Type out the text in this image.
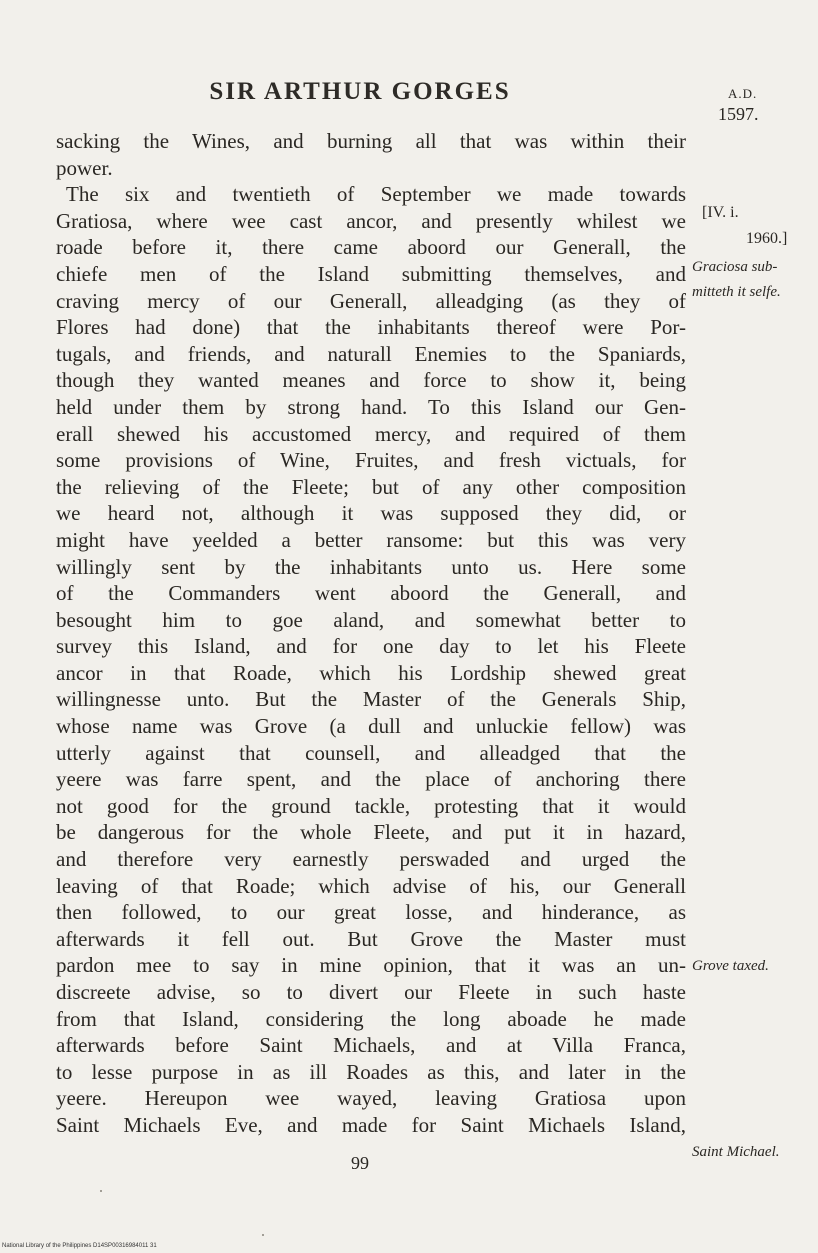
SIR ARTHUR GORGES	A.D.
1597.
sacking the Wines, and burning all that was within their
power.
The six and twentieth of September we made towards
Gratiosa, where wee cast ancor, and presently whilest we
roade before it, there came aboord our Generall, the
chiefe men of the Island submitting themselves, and
craving mercy of our Generall, alleadging (as they of
Flores had done) that the inhabitants thereof were Por-
tugals, and friends, and naturall Enemies to the Spaniards,
though they wanted meanes and force to show it, being
held under them by strong hand. To this Island our Gen-
erall shewed his accustomed mercy, and required of them
some provisions of Wine, Fruites, and fresh victuals, for
the relieving of the Fleete; but of any other composition
we heard not, although it was supposed they did, or
might have yeelded a better ransome: but this was very
willingly sent by the inhabitants unto us. Here some
of the Commanders went aboord the Generall, and
besought him to goe aland, and somewhat better to
survey this Island, and for one day to let his Fleete
ancor in that Roade, which his Lordship shewed great
willingnesse unto. But the Master of the Generals Ship,
whose name was Grove (a dull and unluckie fellow) was
utterly against that counsell, and alleadged that the
yeere was farre spent, and the place of anchoring there
not good for the ground tackle, protesting that it would
be dangerous for the whole Fleete, and put it in hazard,
and therefore very earnestly perswaded and urged the
leaving of that Roade; which advise of his, our Generall
then followed, to our great losse, and hinderance, as
afterwards it fell out. But Grove the Master must
pardon mee to say in mine opinion, that it was an un-
discreete advise, so to divert our Fleete in such haste
from that Island, considering the long aboade he made
afterwards before Saint Michaels, and at Villa Franca,
to lesse purpose in as ill Roades as this, and later in the
yeere. Hereupon wee wayed, leaving Gratiosa upon
Saint Michaels Eve, and made for Saint Michaels Island,
[IV. i.
1960.]
Graciosa sub-
mitteth it selfe.
Grove taxed.
Saint Michael.
99
National Library of the Philippines D14SP00316984011 31
